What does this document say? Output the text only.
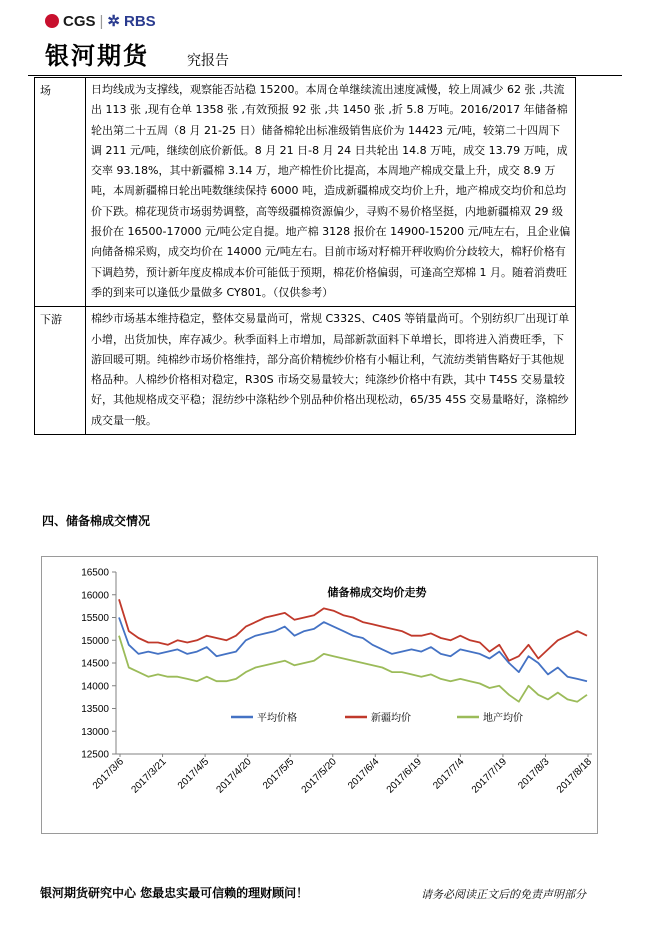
CGS | ✲ RBS
银河期货	究报告
场	日均线成为支撑线，观察能否站稳 15200。本周仓单继续流出速度减慢，较上周减少 62 张 ,共流出 113 张 ,现有仓单 1358 张 ,有效预报 92 张 ,共 1450 张 ,折 5.8 万吨。2016/2017 年储备棉轮出第二十五周（8 月 21-25 日）储备棉轮出标准级销售底价为 14423 元/吨，较第二十四周下调 211 元/吨，继续创底价新低。8 月 21 日-8 月 24 日共轮出 14.8 万吨，成交 13.79 万吨，成交率 93.18%，其中新疆棉 3.14 万，地产棉性价比提高，本周地产棉成交量上升，成交 8.9 万吨，本周新疆棉日轮出吨数继续保持 6000 吨，造成新疆棉成交均价上升，地产棉成交均价和总均价下跌。棉花现货市场弱势调整，高等级疆棉资源偏少，寻购不易价格坚挺，内地新疆棉双 29 级报价在 16500-17000 元/吨公定自提。地产棉 3128 报价在 14900-15200 元/吨左右，且企业偏向储备棉采购，成交均价在 14000 元/吨左右。目前市场对籽棉开秤收购价分歧较大，棉籽价格有下调趋势，预计新年度皮棉成本价可能低于预期，棉花价格偏弱，可逢高空郑棉 1 月。随着消费旺季的到来可以逢低少量做多 CY801。（仅供参考）
下游	棉纱市场基本维持稳定，整体交易量尚可，常规 C332S、C40S 等销量尚可。个别纺织厂出现订单小增，出货加快，库存减少。秋季面料上市增加，局部新款面料下单增长，即将进入消费旺季，下游回暖可期。纯棉纱市场价格维持，部分高价精梳纱价格有小幅让利，气流纺类销售略好于其他规格品种。人棉纱价格相对稳定，R30S 市场交易量较大；纯涤纱价格中有跌，其中 T45S 交易量较好，其他规格成交平稳；混纺纱中涤粘纱个别品种价格出现松动，65/35 45S 交易量略好，涤棉纱成交量一般。
四、储备棉成交情况
16500
16000
15500
15000
14500
14000
13500
13000
12500
2017/3/6 2017/3/21 2017/4/5 2017/4/20 2017/5/5 2017/5/20 2017/6/4 2017/6/19 2017/7/4 2017/7/19 2017/8/3 2017/8/18
储备棉成交均价走势
平均价格	新疆均价	地产均价
银河期货研究中心 您最忠实最可信赖的理财顾问！	请务必阅读正文后的免责声明部分
